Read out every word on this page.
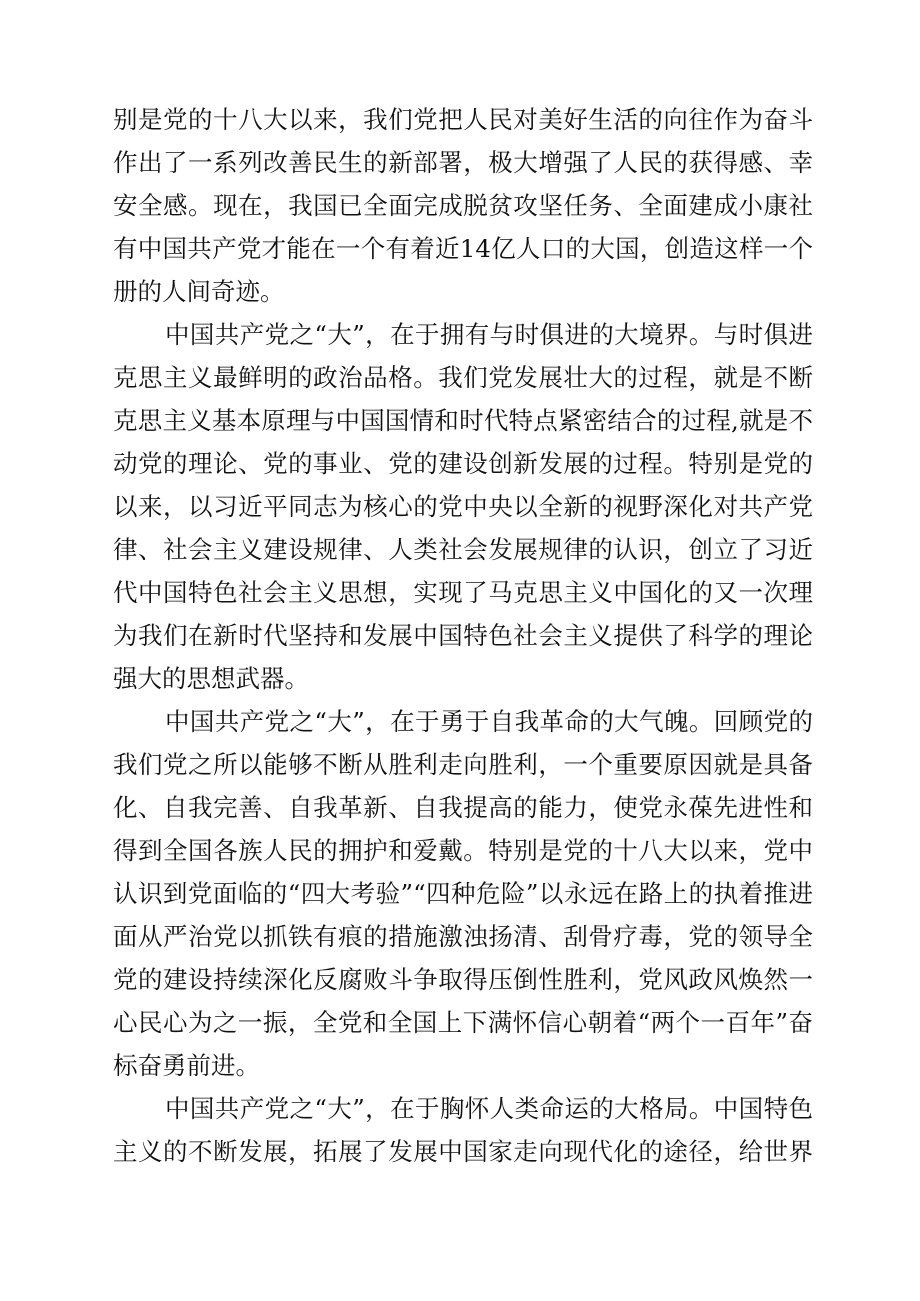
别是党的十八大以来，我们党把人民对美好生活的向往作为奋斗
作出了一系列改善民生的新部署，极大增强了人民的获得感、幸
安全感。现在，我国已全面完成脱贫攻坚任务、全面建成小康社
有中国共产党才能在一个有着近14亿人口的大国，创造这样一个
册的人间奇迹。
中国共产党之“大”，在于拥有与时俱进的大境界。与时俱进
克思主义最鲜明的政治品格。我们党发展壮大的过程，就是不断
克思主义基本原理与中国国情和时代特点紧密结合的过程,就是不
动党的理论、党的事业、党的建设创新发展的过程。特别是党的
以来，以习近平同志为核心的党中央以全新的视野深化对共产党
律、社会主义建设规律、人类社会发展规律的认识，创立了习近
代中国特色社会主义思想，实现了马克思主义中国化的又一次理
为我们在新时代坚持和发展中国特色社会主义提供了科学的理论
强大的思想武器。
中国共产党之“大”，在于勇于自我革命的大气魄。回顾党的
我们党之所以能够不断从胜利走向胜利，一个重要原因就是具备
化、自我完善、自我革新、自我提高的能力，使党永葆先进性和
得到全国各族人民的拥护和爱戴。特别是党的十八大以来，党中
认识到党面临的“四大考验”“四种危险”以永远在路上的执着推进
面从严治党以抓铁有痕的措施激浊扬清、刮骨疗毒，党的领导全
党的建设持续深化反腐败斗争取得压倒性胜利，党风政风焕然一
心民心为之一振，全党和全国上下满怀信心朝着“两个一百年”奋
标奋勇前进。
中国共产党之“大”，在于胸怀人类命运的大格局。中国特色
主义的不断发展，拓展了发展中国家走向现代化的途径，给世界
